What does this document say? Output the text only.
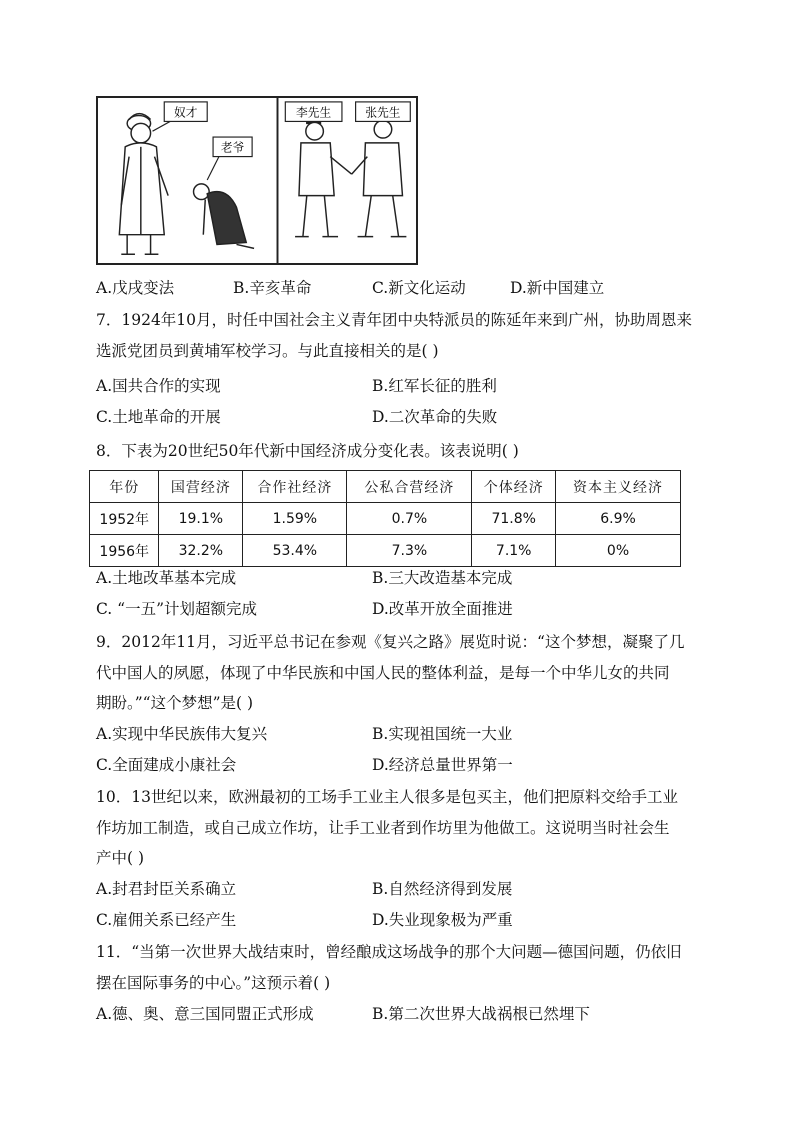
奴才
老爷
李先生	张先生
A.戊戌变法	B.辛亥革命	C.新文化运动	D.新中国建立
7．1924年10月，时任中国社会主义青年团中央特派员的陈延年来到广州，协助周恩来
选派党团员到黄埔军校学习。与此直接相关的是( )
A.国共合作的实现	B.红军长征的胜利
C.土地革命的开展	D.二次革命的失败
8．下表为20世纪50年代新中国经济成分变化表。该表说明( )
年份	国营经济	合作社经济	公私合营经济	个体经济	资本主义经济
1952年	19.1%	1.59%	0.7%	71.8%	6.9%
1956年	32.2%	53.4%	7.3%	7.1%	0%
A.土地改革基本完成	B.三大改造基本完成
C. “一五”计划超额完成	D.改革开放全面推进
9．2012年11月，习近平总书记在参观《复兴之路》展览时说：“这个梦想，凝聚了几
代中国人的夙愿，体现了中华民族和中国人民的整体利益，是每一个中华儿女的共同
期盼。”“这个梦想”是( )
A.实现中华民族伟大复兴	B.实现祖国统一大业
C.全面建成小康社会	D.经济总量世界第一
10．13世纪以来，欧洲最初的工场手工业主人很多是包买主，他们把原料交给手工业
作坊加工制造，或自己成立作坊，让手工业者到作坊里为他做工。这说明当时社会生
产中( )
A.封君封臣关系确立	B.自然经济得到发展
C.雇佣关系已经产生	D.失业现象极为严重
11．“当第一次世界大战结束时，曾经酿成这场战争的那个大问题—德国问题，仍依旧
摆在国际事务的中心。”这预示着( )
A.德、奥、意三国同盟正式形成	B.第二次世界大战祸根已然埋下
